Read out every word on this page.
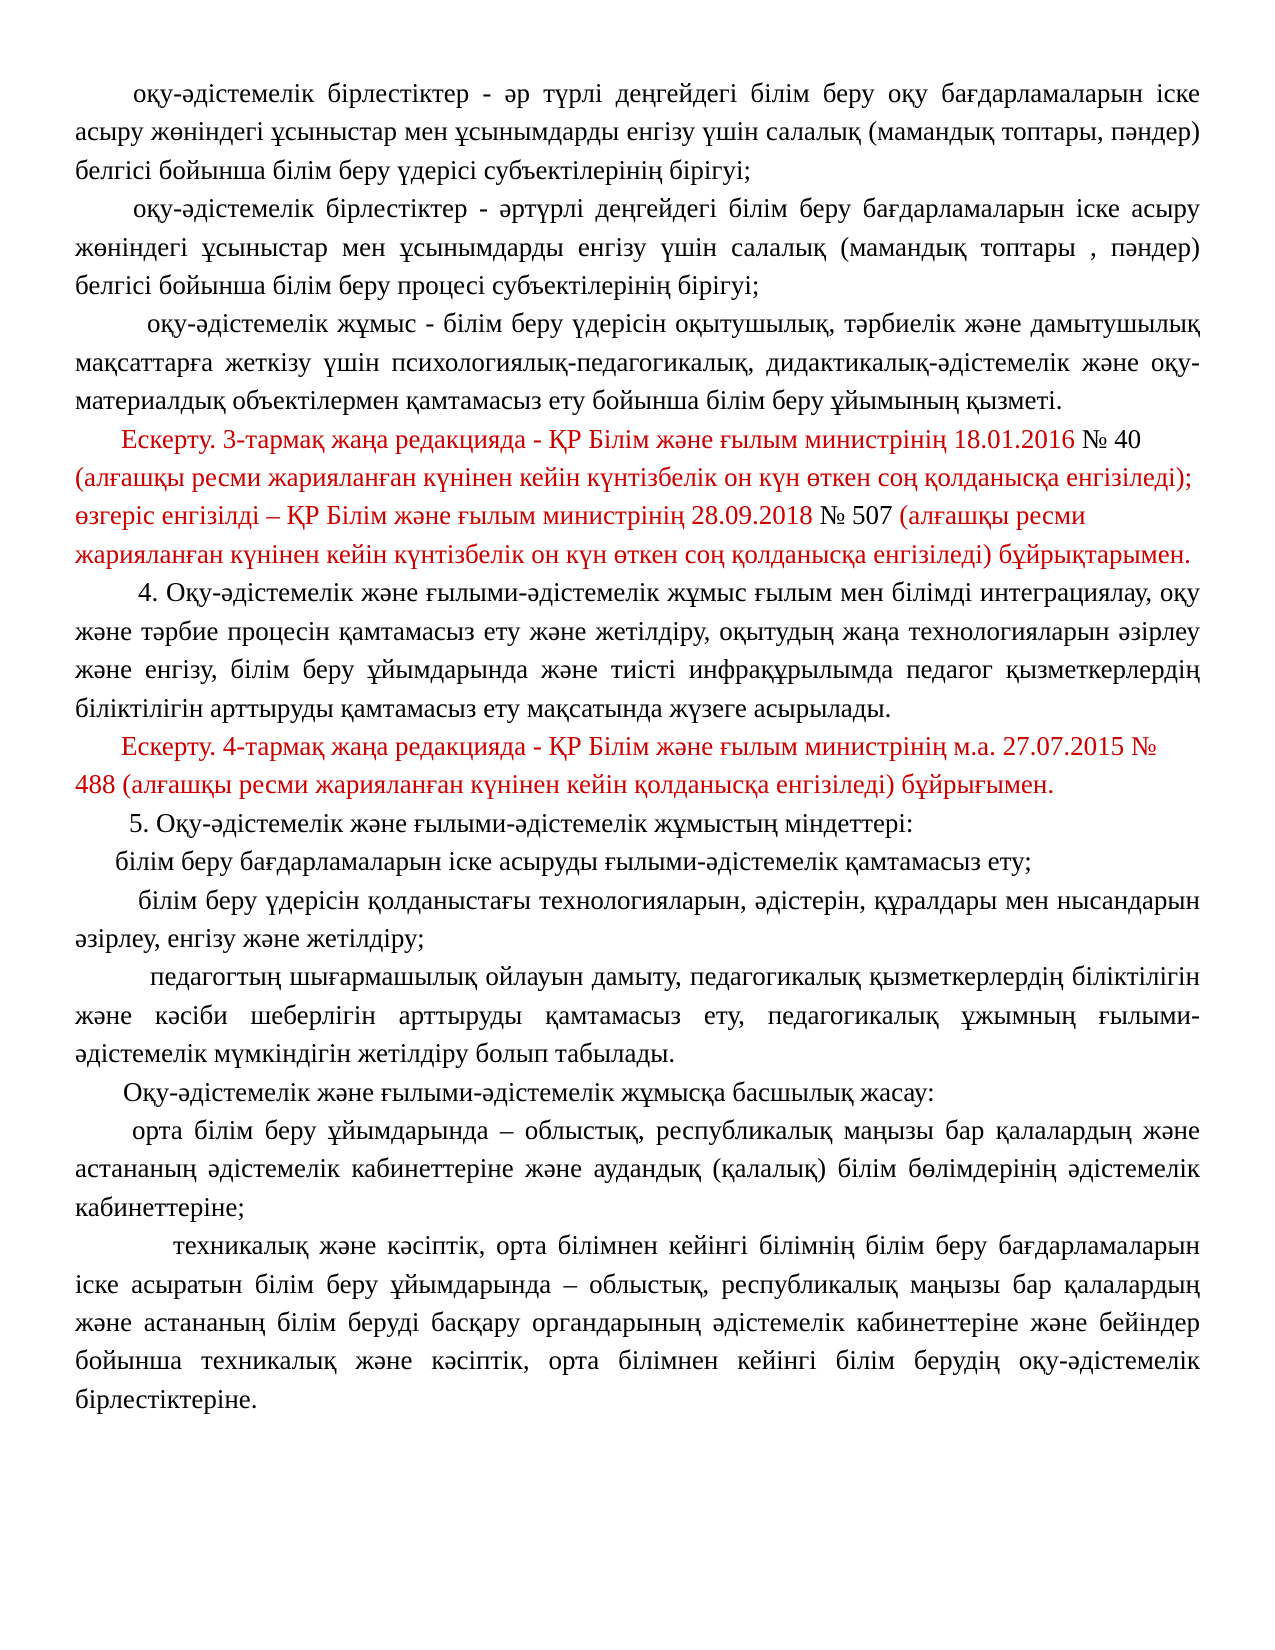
оқу-әдістемелік бірлестіктер - әр түрлі деңгейдегі білім беру оқу бағдарламаларын іске асыру жөніндегі ұсыныстар мен ұсынымдарды енгізу үшін салалық (мамандық топтары, пәндер) белгісі бойынша білім беру үдерісі субъектілерінің бірігуі;

оқу-әдістемелік бірлестіктер - әртүрлі деңгейдегі білім беру бағдарламаларын іске асыру жөніндегі ұсыныстар мен ұсынымдарды енгізу үшін салалық (мамандық топтары , пәндер) белгісі бойынша білім беру процесі субъектілерінің бірігуі;

оқу-әдістемелік жұмыс - білім беру үдерісін оқытушылық, тәрбиелік және дамытушылық мақсаттарға жеткізу үшін психологиялық-педагогикалық, дидактикалық-әдістемелік және оқу-материалдық объектілермен қамтамасыз ету бойынша білім беру ұйымының қызметі.

Ескерту. 3-тармақ жаңа редакцияда - ҚР Білім және ғылым министрінің 18.01.2016 № 40 (алғашқы ресми жарияланған күнінен кейін күнтізбелік он күн өткен соң қолданысқа енгізіледі); өзгеріс енгізілді – ҚР Білім және ғылым министрінің 28.09.2018 № 507 (алғашқы ресми жарияланған күнінен кейін күнтізбелік он күн өткен соң қолданысқа енгізіледі) бұйрықтарымен.

4. Оқу-әдістемелік және ғылыми-әдістемелік жұмыс ғылым мен білімді интеграциялау, оқу және тәрбие процесін қамтамасыз ету және жетілдіру, оқытудың жаңа технологияларын әзірлеу және енгізу, білім беру ұйымдарында және тиісті инфрақұрылымда педагог қызметкерлердің біліктілігін арттыруды қамтамасыз ету мақсатында жүзеге асырылады.

Ескерту. 4-тармақ жаңа редакцияда - ҚР Білім және ғылым министрінің м.а. 27.07.2015 № 488 (алғашқы ресми жарияланған күнінен кейін қолданысқа енгізіледі) бұйрығымен.

5. Оқу-әдістемелік және ғылыми-әдістемелік жұмыстың міндеттері:

білім беру бағдарламаларын іске асыруды ғылыми-әдістемелік қамтамасыз ету;

білім беру үдерісін қолданыстағы технологияларын, әдістерін, құралдары мен нысандарын әзірлеу, енгізу және жетілдіру;

педагогтың шығармашылық ойлауын дамыту, педагогикалық қызметкерлердің біліктілігін және кәсіби шеберлігін арттыруды қамтамасыз ету, педагогикалық ұжымның ғылыми-әдістемелік мүмкіндігін жетілдіру болып табылады.

Оқу-әдістемелік және ғылыми-әдістемелік жұмысқа басшылық жасау:

орта білім беру ұйымдарында – облыстық, республикалық маңызы бар қалалардың және астананың әдістемелік кабинеттеріне және аудандық (қалалық) білім бөлімдерінің әдістемелік кабинеттеріне;

техникалық және кәсіптік, орта білімнен кейінгі білімнің білім беру бағдарламаларын іске асыратын білім беру ұйымдарында – облыстық, республикалық маңызы бар қалалардың және астананың білім беруді басқару органдарының әдістемелік кабинеттеріне және бейіндер бойынша техникалық және кәсіптік, орта білімнен кейінгі білім берудің оқу-әдістемелік бірлестіктеріне.
